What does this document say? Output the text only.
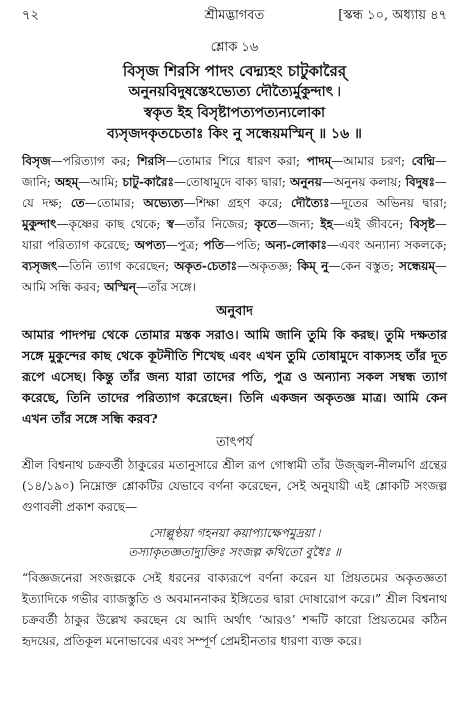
৭২	শ্রীমদ্ভাগবত	[স্কন্ধ ১০, অধ্যায় ৪৭
শ্লোক ১৬
বিসৃজ শিরসি পাদং বেদ্ম্যহং চাটুকারৈর্
অনুনয়বিদুষস্তেঽভ্যেত্য দৌত্যৈর্মুকুন্দাৎ ৷
স্বকৃত ইহ বিসৃষ্টাপত্যপত্যন্যলোকা
ব্যসৃজদকৃতচেতাঃ কিং নু সন্ধেয়মস্মিন্ ॥ ১৬ ॥
বিসৃজ—পরিত্যাগ কর; শিরসি—তোমার শিরে ধারণ করা; পাদম্—আমার চরণ; বেদ্মি—জানি; অহম্—আমি; চাটু-কারৈঃ—তোষামুদে বাক্য দ্বারা; অনুনয়—অনুনয় কলায়; বিদুষঃ—যে দক্ষ; তে—তোমার; অভ্যেত্য—শিক্ষা গ্রহণ করে; দৌত্যৈঃ—দূতের অভিনয় দ্বারা; মুকুন্দাৎ—কৃষ্ণের কাছ থেকে; স্ব—তাঁর নিজের; কৃতে—জন্য; ইহ—এই জীবনে; বিসৃষ্ট—যারা পরিত্যাগ করেছে; অপত্য—পুত্র; পতি—পতি; অন্য-লোকাঃ—এবং অন্যান্য সকলকে; ব্যসৃজৎ—তিনি ত্যাগ করেছেন; অকৃত-চেতাঃ—অকৃতজ্ঞ; কিম্ নু—কেন বস্তুত; সন্ধেয়ম্—আমি সন্ধি করব; অস্মিন্—তাঁর সঙ্গে।
অনুবাদ
আমার পাদপদ্ম থেকে তোমার মস্তক সরাও। আমি জানি তুমি কি করছ। তুমি দক্ষতার সঙ্গে মুকুন্দের কাছ থেকে কূটনীতি শিখেছ এবং এখন তুমি তোষামুদে বাক্যসহ তাঁর দূত রূপে এসেছ। কিন্তু তাঁর জন্য যারা তাদের পতি, পুত্র ও অন্যান্য সকল সম্বন্ধ ত্যাগ করেছে, তিনি তাদের পরিত্যাগ করেছেন। তিনি একজন অকৃতজ্ঞ মাত্র। আমি কেন এখন তাঁর সঙ্গে সন্ধি করব?
তাৎপর্য
শ্রীল বিশ্বনাথ চক্রবর্তী ঠাকুরের মতানুসারে শ্রীল রূপ গোস্বামী তাঁর উজ্জ্বল-নীলমণি গ্রন্থের (১৪/১৯০) নিম্নোক্ত শ্লোকটির যেভাবে বর্ণনা করেছেন, সেই অনুযায়ী এই শ্লোকটি সংজল্প গুণাবলী প্রকাশ করছে—
সোল্লুণ্ঠয়া গহনয়া কয়াপ্যাক্ষেপমুদ্রয়া ৷
তস্যাকৃতজ্ঞতাদ্যুক্তিঃ সংজল্প কথিতো বুধৈঃ ॥
“বিজ্ঞজনেরা সংজল্পকে সেই ধরনের বাক্যরূপে বর্ণনা করেন যা প্রিয়তমের অকৃতজ্ঞতা ইত্যাদিকে গভীর ব্যাজস্তুতি ও অবমাননাকর ইঙ্গিতের দ্বারা দোষারোপ করে।” শ্রীল বিশ্বনাথ চক্রবর্তী ঠাকুর উল্লেখ করছেন যে আদি অর্থাৎ ‘আরও’ শব্দটি কারো প্রিয়তমের কঠিন হৃদয়ের, প্রতিকূল মনোভাবের এবং সম্পূর্ণ প্রেমহীনতার ধারণা ব্যক্ত করে।
